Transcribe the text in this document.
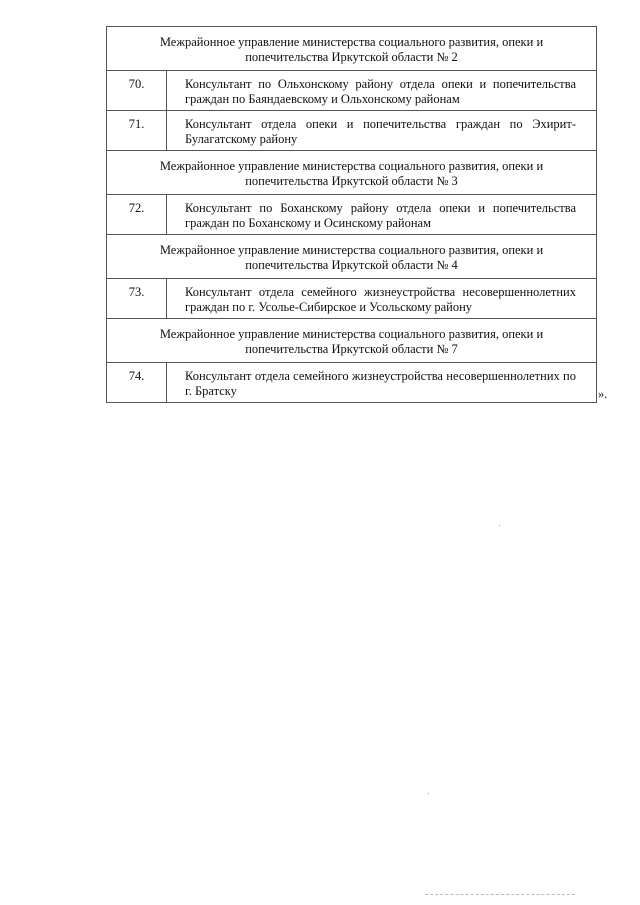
Межрайонное управление министерства социального развития, опеки и попечительства Иркутской области № 2	
70.	Консультант по Ольхонскому району отдела опеки и попечительства граждан по Баяндаевскому и Ольхонскому районам
71.	Консультант отдела опеки и попечительства граждан по Эхирит-Булагатскому району
Межрайонное управление министерства социального развития, опеки и попечительства Иркутской области № 3	
72.	Консультант по Боханскому району отдела опеки и попечительства граждан по Боханскому и Осинскому районам
Межрайонное управление министерства социального развития, опеки и попечительства Иркутской области № 4	
73.	Консультант отдела семейного жизнеустройства несовершеннолетних граждан по г. Усолье-Сибирское и Усольскому району
Межрайонное управление министерства социального развития, опеки и попечительства Иркутской области № 7	
74.	Консультант отдела семейного жизнеустройства несовершеннолетних по г. Братску	».
